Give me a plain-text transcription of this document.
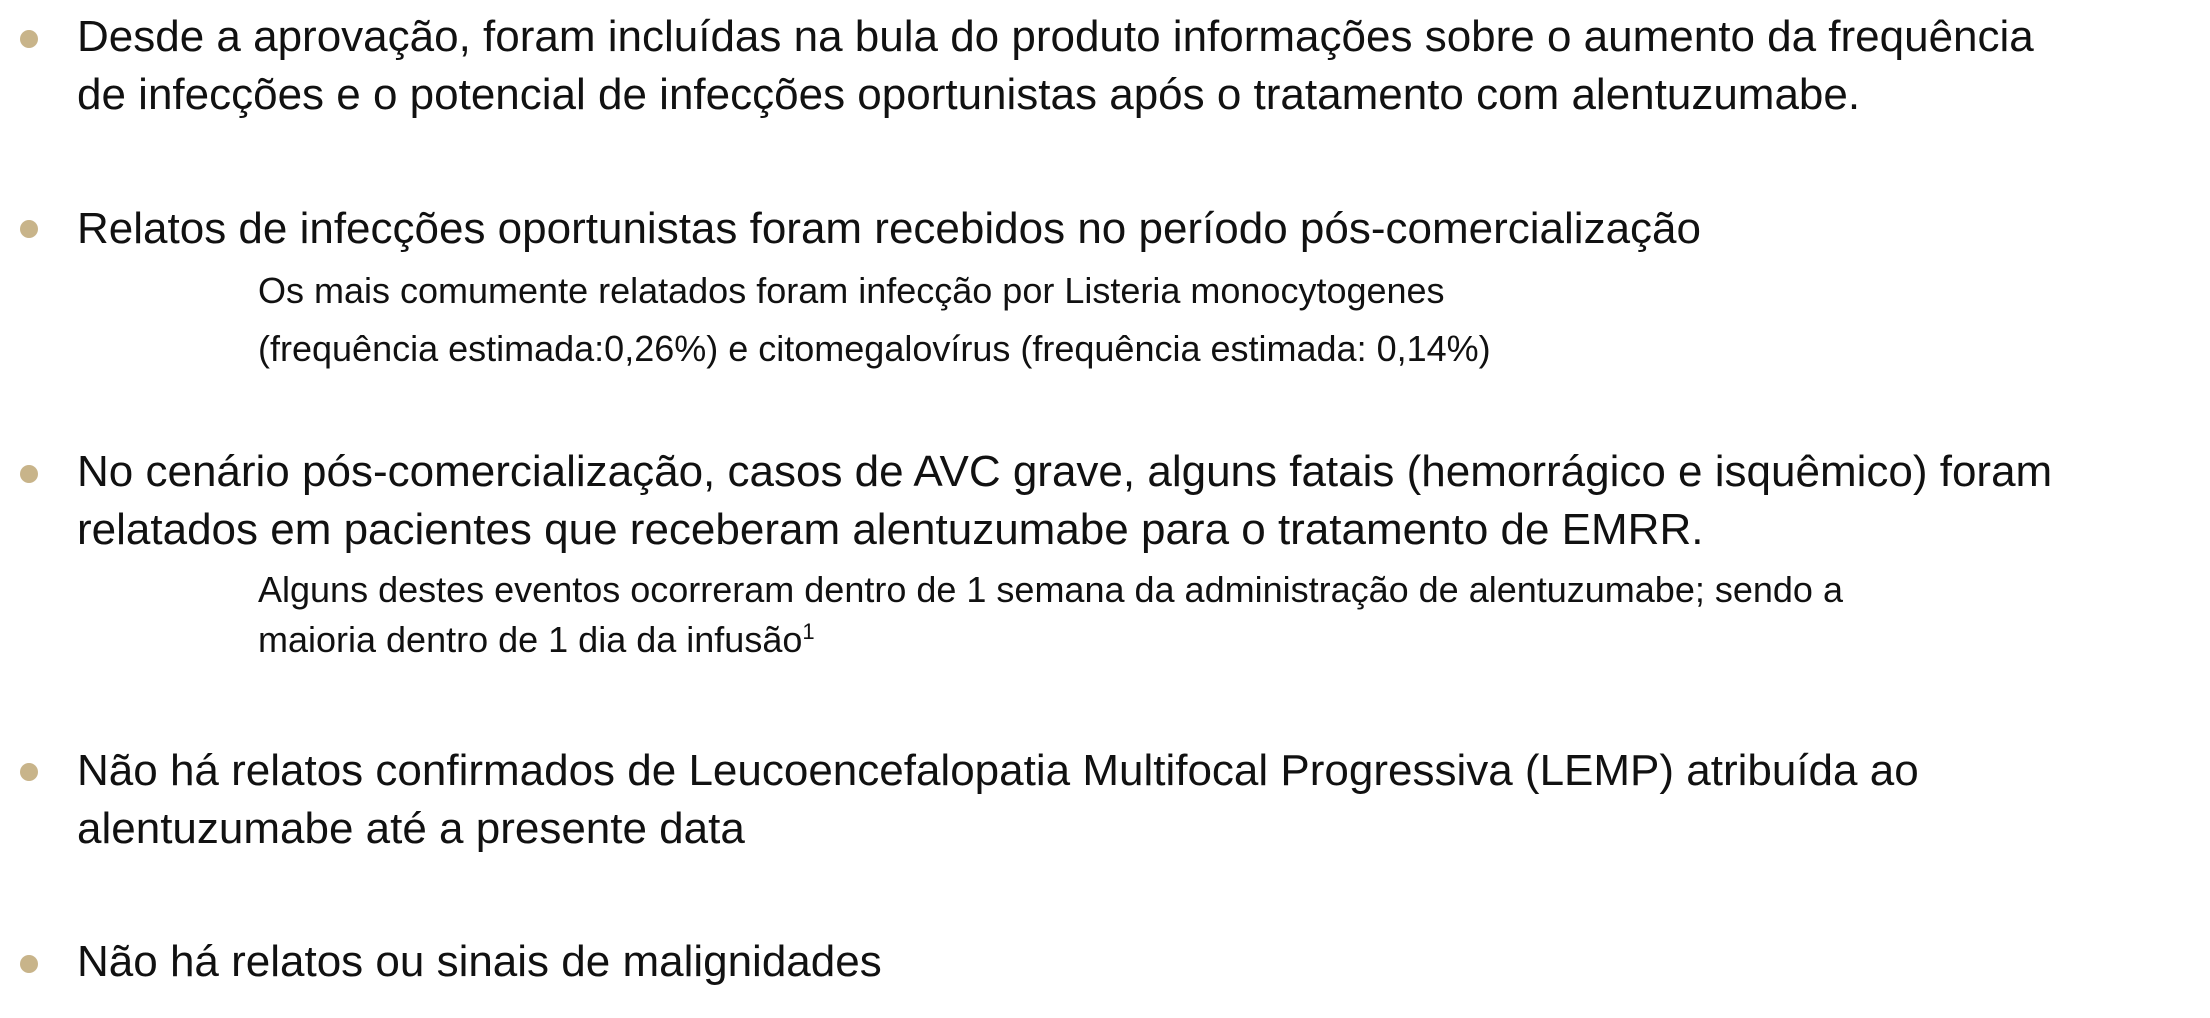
Desde a aprovação, foram incluídas na bula do produto informações sobre o aumento da frequência
de infecções e o potencial de infecções oportunistas após o tratamento com alentuzumabe.
Relatos de infecções oportunistas foram recebidos no período pós-comercialização
Os mais comumente relatados foram infecção por Listeria monocytogenes
(frequência estimada:0,26%) e citomegalovírus (frequência estimada: 0,14%)
No cenário pós-comercialização, casos de AVC grave, alguns fatais (hemorrágico e isquêmico) foram
relatados em pacientes que receberam alentuzumabe para o tratamento de EMRR.
Alguns destes eventos ocorreram dentro de 1 semana da administração de alentuzumabe; sendo a
maioria dentro de 1 dia da infusão$^1$
Não há relatos confirmados de Leucoencefalopatia Multifocal Progressiva (LEMP) atribuída ao
alentuzumabe até a presente data
Não há relatos ou sinais de malignidades
